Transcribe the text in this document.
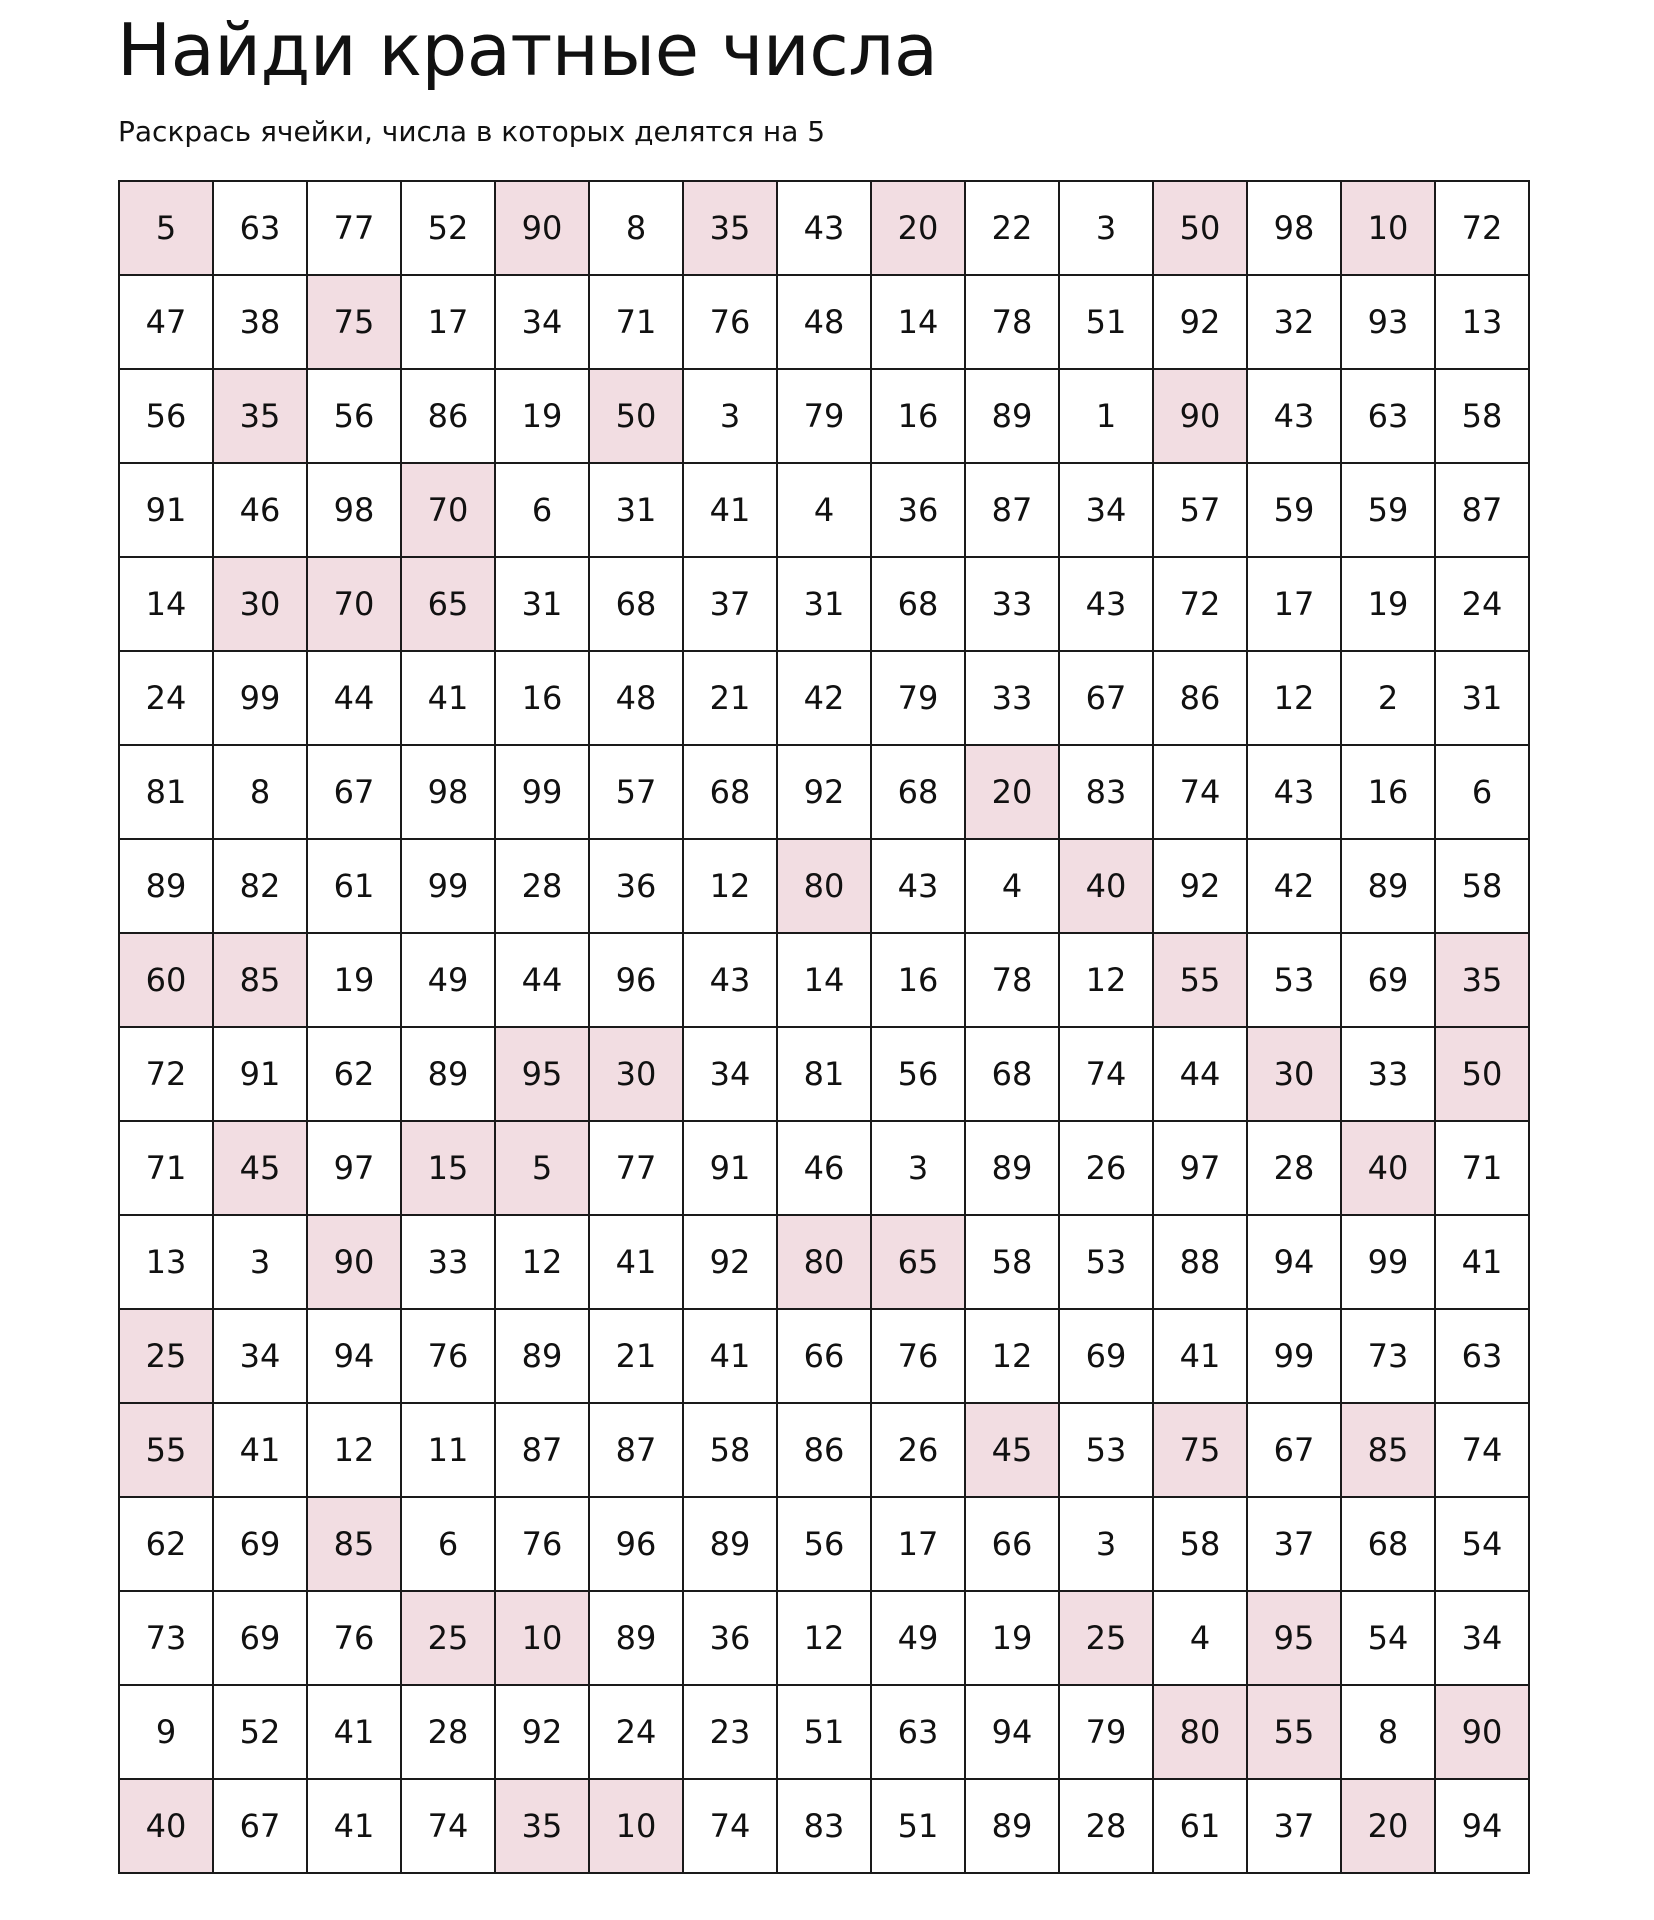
Найди кратные числа

Раскрась ячейки, числа в которых делятся на 5

5	63	77	52	90	8	35	43	20	22	3	50	98	10	72
47	38	75	17	34	71	76	48	14	78	51	92	32	93	13
56	35	56	86	19	50	3	79	16	89	1	90	43	63	58
91	46	98	70	6	31	41	4	36	87	34	57	59	59	87
14	30	70	65	31	68	37	31	68	33	43	72	17	19	24
24	99	44	41	16	48	21	42	79	33	67	86	12	2	31
81	8	67	98	99	57	68	92	68	20	83	74	43	16	6
89	82	61	99	28	36	12	80	43	4	40	92	42	89	58
60	85	19	49	44	96	43	14	16	78	12	55	53	69	35
72	91	62	89	95	30	34	81	56	68	74	44	30	33	50
71	45	97	15	5	77	91	46	3	89	26	97	28	40	71
13	3	90	33	12	41	92	80	65	58	53	88	94	99	41
25	34	94	76	89	21	41	66	76	12	69	41	99	73	63
55	41	12	11	87	87	58	86	26	45	53	75	67	85	74
62	69	85	6	76	96	89	56	17	66	3	58	37	68	54
73	69	76	25	10	89	36	12	49	19	25	4	95	54	34
9	52	41	28	92	24	23	51	63	94	79	80	55	8	90
40	67	41	74	35	10	74	83	51	89	28	61	37	20	94
